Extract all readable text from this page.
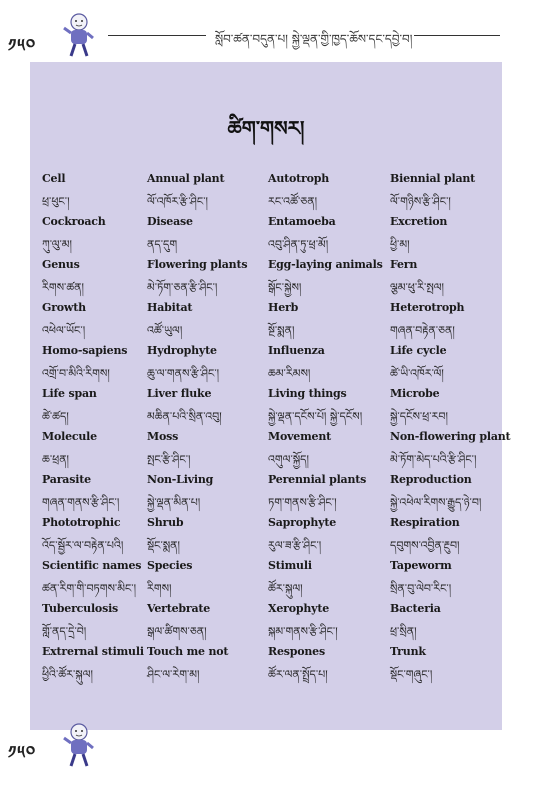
༡༥༠	སློབ་ཚན་བདུན་པ། སྐྱེ་ལྡན་གྱི་ཁྱད་ཆོས་དང་དབྱེ་བ།
ཚིག་གསར།
Cell
ཕྲ་ཕུང་།
Annual plant
ལོ་འཁོར་རྩི་ཤིང་།
Autotroph
རང་འཚོ་ཅན།
Biennial plant
ལོ་གཉིས་རྩི་ཤིང་།
Cockroach
ཀུ་ལུ་མ།
Disease
ནད་དུག
Entamoeba
འབུ་ཤིན་ཏུ་ཕྲ་མོ།
Excretion
ཕྱི་མ།
Genus
རིགས་ཚན།
Flowering plants
མེ་ཏོག་ཅན་རྩི་ཤིང་།
Egg-laying animals
སྒོང་སྐྱེས།
Fern
ལྕམ་ཕུ་རི་སྤལ།
Growth
འཕེལ་ཡོང་།
Habitat
འཚོ་ཡུལ།
Herb
སྔོ་སྨན།
Heterotroph
གཞན་བརྟེན་ཅན།
Homo-sapiens
འགྲོ་བ་མིའི་རིགས།
Hydrophyte
ཆུ་ལ་གནས་རྩི་ཤིང་།
Influenza
ཆམ་རིམས།
Life cycle
ཚེ་ཡི་འཁོར་ལོ།
Life span
ཚེ་ཚད།
Liver fluke
མཆིན་པའི་སྲིན་འབུ།
Living things
སྐྱེ་ལྡན་དངོས་པོ། སྐྱེ་དངོས།
Microbe
སྐྱེ་དངོས་ཕྲ་རབ།
Molecule
ཆ་ཕྲན།
Moss
སྤང་རྩི་ཤིང་།
Movement
འགུལ་སྐྱོད།
Non-flowering plant
མེ་ཏོག་མེད་པའི་རྩི་ཤིང་།
Parasite
གཞན་གནས་རྩི་ཤིང་།
Non-Living
སྐྱེ་ལྡན་མིན་པ།
Perennial plants
ཏག་གནས་རྩི་ཤིང་།
Reproduction
སྐྱེ་འཕེལ་རིགས་རྒྱུད་ཉེ་བ།
Phototrophic
འོད་སྦྱོར་ལ་བརྟེན་པའི།
Shrub
སྡོང་སྨན།
Saprophyte
རུལ་ཟ་རྩི་ཤིང་།
Respiration
དབུགས་འབྱིན་རྔུབ།
Scientific names
ཚན་རིག་གི་བཏགས་མིང་།
Species
རིགས།
Stimuli
ཚོར་སྐུལ།
Tapeworm
སྲིན་བུ་ལེབ་རིང་།
Tuberculosis
གློ་ནད་དྲེ་བེ།
Vertebrate
སྒལ་ཚིགས་ཅན།
Xerophyte
སྐམ་གནས་རྩི་ཤིང་།
Bacteria
ཕྲ་སྲིན།
Extrernal stimuli
ཕྱིའི་ཚོར་སྐུལ།
Touch me not
ཤིང་ལ་རེག་མ།
Respones
ཚོར་ལན་སྤྲོད་པ།
Trunk
སྡོང་གཞུང་།
༡༥༠
